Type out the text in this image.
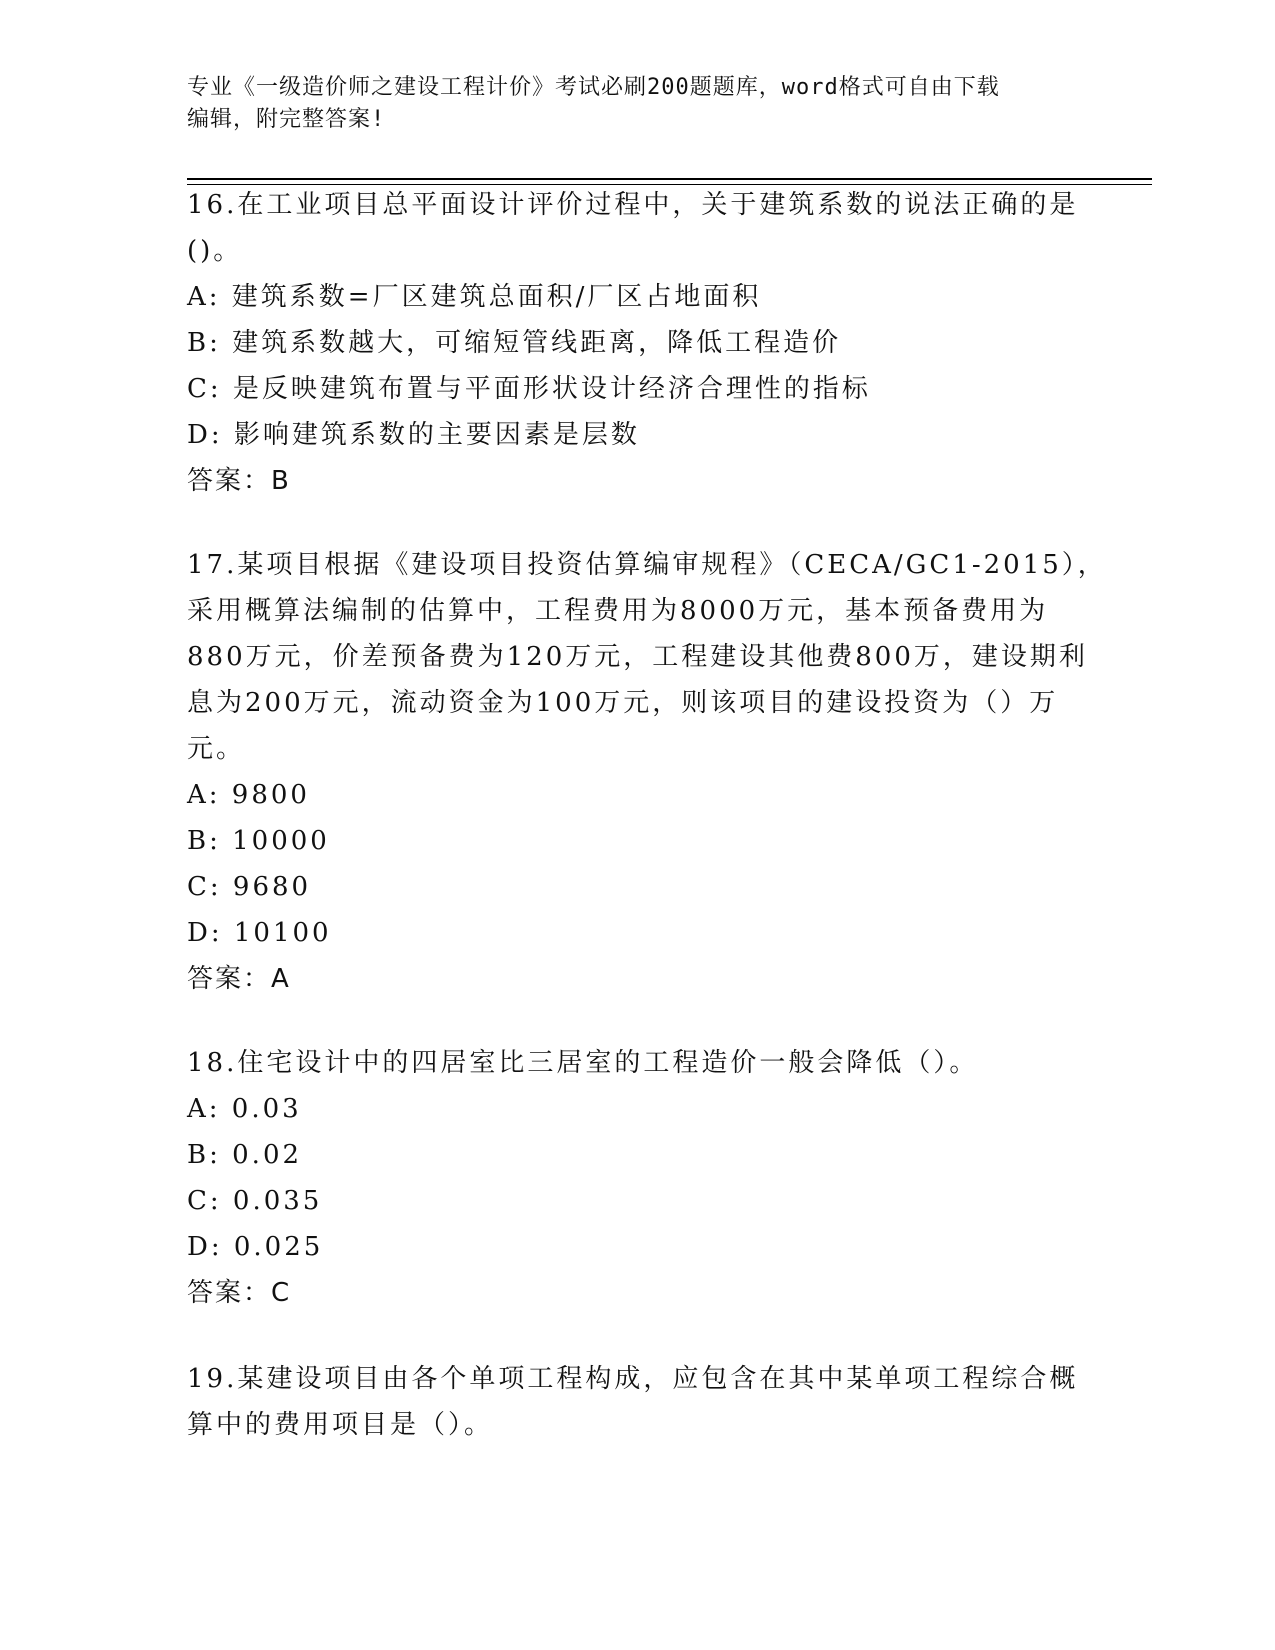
专业《一级造价师之建设工程计价》考试必刷200题题库，word格式可自由下载
编辑，附完整答案!
16.在工业项目总平面设计评价过程中，关于建筑系数的说法正确的是
()。
A: 建筑系数=厂区建筑总面积/厂区占地面积
B: 建筑系数越大，可缩短管线距离，降低工程造价
C: 是反映建筑布置与平面形状设计经济合理性的指标
D: 影响建筑系数的主要因素是层数
答案：B
17.某项目根据《建设项目投资估算编审规程》（CECA/GC1-2015），
采用概算法编制的估算中，工程费用为8000万元，基本预备费用为
880万元，价差预备费为120万元，工程建设其他费800万，建设期利
息为200万元，流动资金为100万元，则该项目的建设投资为（）万
元。
A: 9800
B: 10000
C: 9680
D: 10100
答案：A
18.住宅设计中的四居室比三居室的工程造价一般会降低（）。
A: 0.03
B: 0.02
C: 0.035
D: 0.025
答案：C
19.某建设项目由各个单项工程构成，应包含在其中某单项工程综合概
算中的费用项目是（）。
